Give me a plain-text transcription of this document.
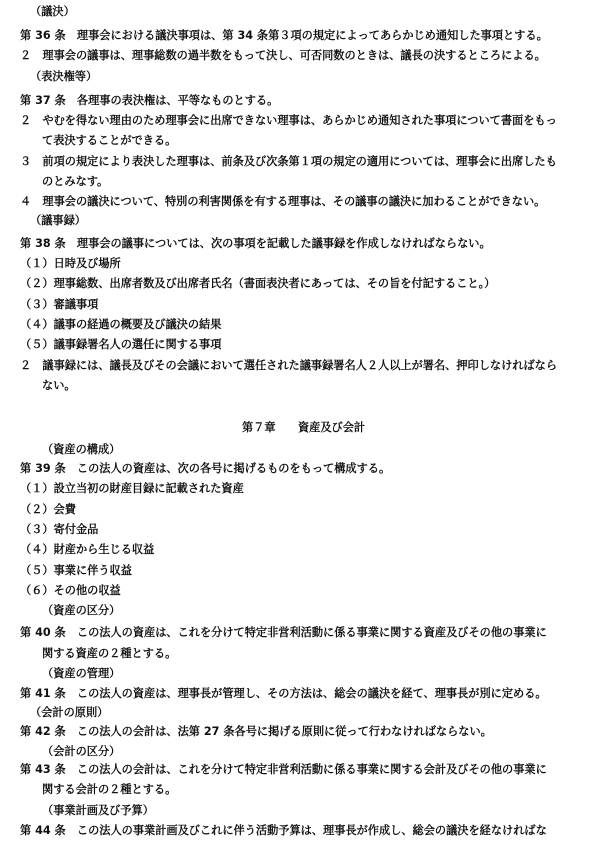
（議決）

第 36 条　理事会における議決事項は、第 34 条第３項の規定によってあらかじめ通知した事項とする。

２　理事会の議事は、理事総数の過半数をもって決し、可否同数のときは、議長の決するところによる。

（表決権等）

第 37 条　各理事の表決権は、平等なものとする。

２　やむを得ない理由のため理事会に出席できない理事は、あらかじめ通知された事項について書面をもっ

て表決することができる。

３　前項の規定により表決した理事は、前条及び次条第１項の規定の適用については、理事会に出席したも

のとみなす。

４　理事会の議決について、特別の利害関係を有する理事は、その議事の議決に加わることができない。

（議事録）

第 38 条　理事会の議事については、次の事項を記載した議事録を作成しなければならない。

（１）日時及び場所

（２）理事総数、出席者数及び出席者氏名（書面表決者にあっては、その旨を付記すること。）

（３）審議事項

（４）議事の経過の概要及び議決の結果

（５）議事録署名人の選任に関する事項

２　議事録には、議長及びその会議において選任された議事録署名人２人以上が署名、押印しなければなら

ない。

第７章　　資産及び会計

（資産の構成）

第 39 条　この法人の資産は、次の各号に掲げるものをもって構成する。

（１）設立当初の財産目録に記載された資産

（２）会費

（３）寄付金品

（４）財産から生じる収益

（５）事業に伴う収益

（６）その他の収益

（資産の区分）

第 40 条　この法人の資産は、これを分けて特定非営利活動に係る事業に関する資産及びその他の事業に

関する資産の２種とする。

（資産の管理）

第 41 条　この法人の資産は、理事長が管理し、その方法は、総会の議決を経て、理事長が別に定める。

（会計の原則）

第 42 条　この法人の会計は、法第 27 条各号に掲げる原則に従って行わなければならない。

（会計の区分）

第 43 条　この法人の会計は、これを分けて特定非営利活動に係る事業に関する会計及びその他の事業に

関する会計の２種とする。

（事業計画及び予算）

第 44 条　この法人の事業計画及びこれに伴う活動予算は、理事長が作成し、総会の議決を経なければな
